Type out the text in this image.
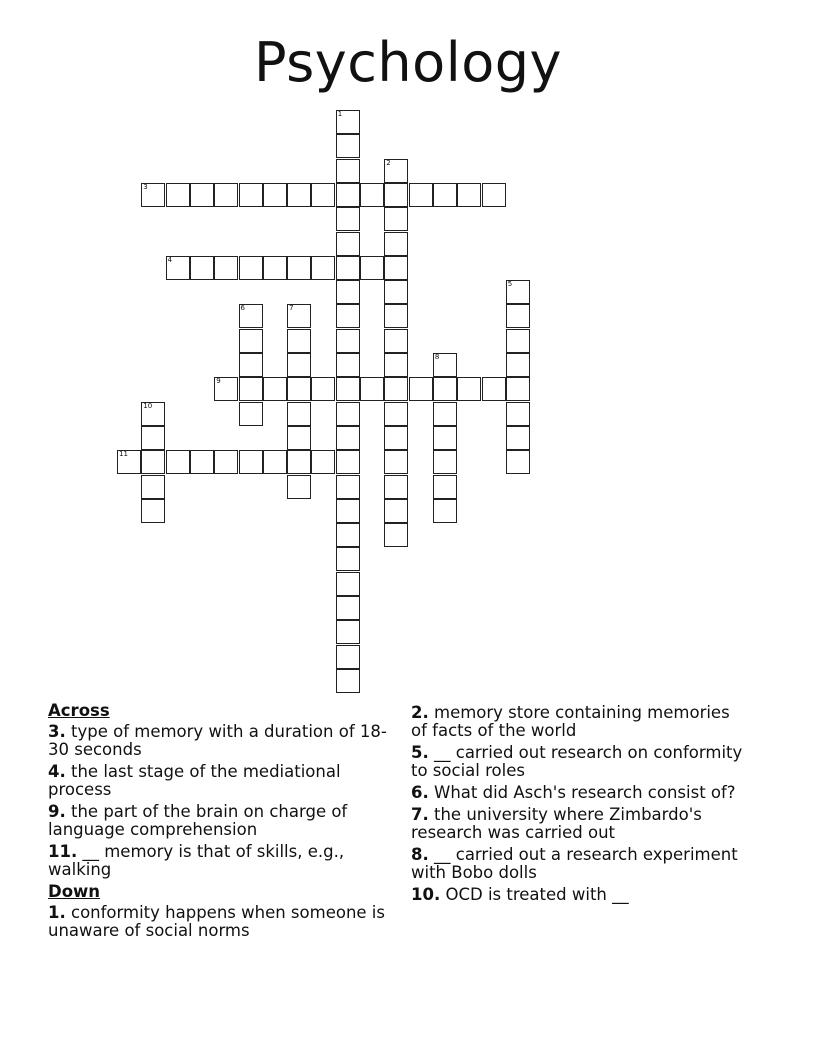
Psychology
1
2
3
4
5
6	7
8
9
10
11
Across
3. type of memory with a duration of 18-30 seconds
4. the last stage of the mediational process
9. the part of the brain on charge of language comprehension
11. __ memory is that of skills, e.g., walking
Down
1. conformity happens when someone is unaware of social norms
2. memory store containing memories of facts of the world
5. __ carried out research on conformity to social roles
6. What did Asch's research consist of?
7. the university where Zimbardo's research was carried out
8. __ carried out a research experiment with Bobo dolls
10. OCD is treated with __
